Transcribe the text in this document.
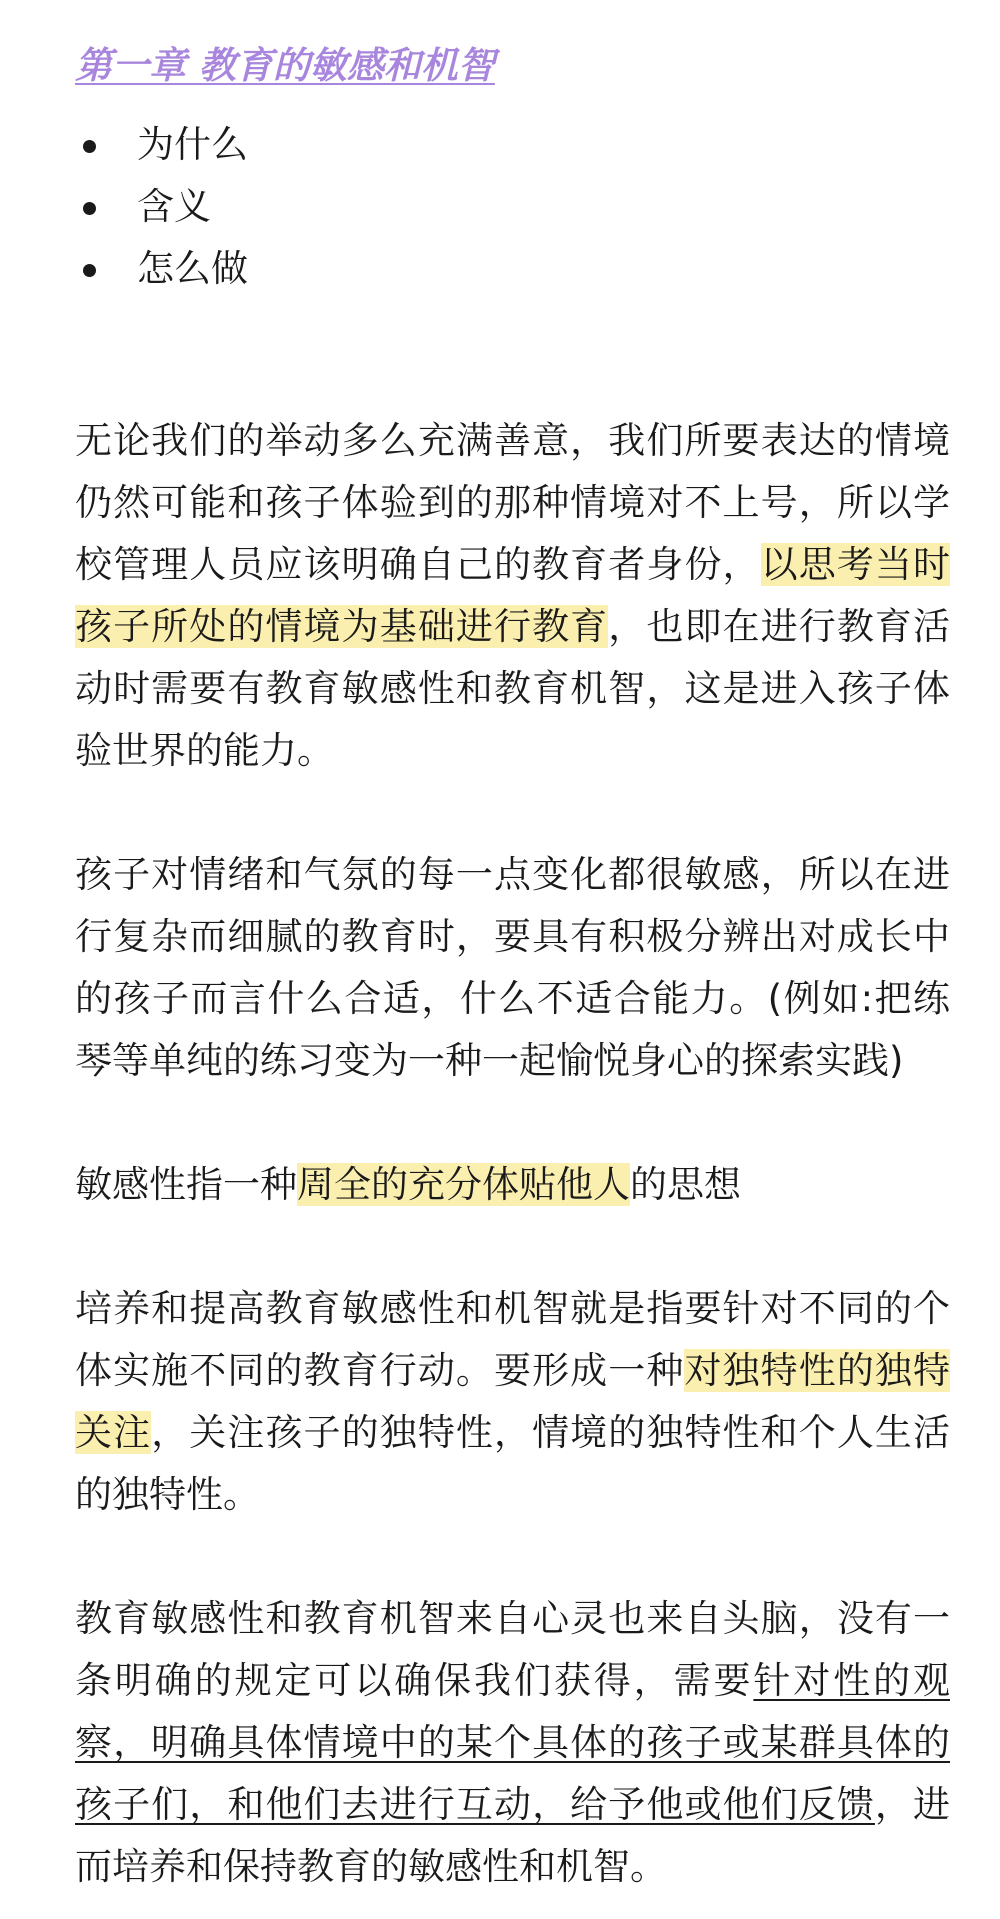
第一章 教育的敏感和机智
为什么
含义
怎么做

无论我们的举动多么充满善意，我们所要表达的情境仍然可能和孩子体验到的那种情境对不上号，所以学校管理人员应该明确自己的教育者身份，以思考当时孩子所处的情境为基础进行教育，也即在进行教育活动时需要有教育敏感性和教育机智，这是进入孩子体验世界的能力。

孩子对情绪和气氛的每一点变化都很敏感，所以在进行复杂而细腻的教育时，要具有积极分辨出对成长中的孩子而言什么合适，什么不适合能力。(例如:把练琴等单纯的练习变为一种一起愉悦身心的探索实践)

敏感性指一种周全的充分体贴他人的思想

培养和提高教育敏感性和机智就是指要针对不同的个体实施不同的教育行动。要形成一种对独特性的独特关注，关注孩子的独特性，情境的独特性和个人生活的独特性。

教育敏感性和教育机智来自心灵也来自头脑，没有一条明确的规定可以确保我们获得，需要针对性的观察，明确具体情境中的某个具体的孩子或某群具体的孩子们，和他们去进行互动，给予他或他们反馈，进而培养和保持教育的敏感性和机智。
